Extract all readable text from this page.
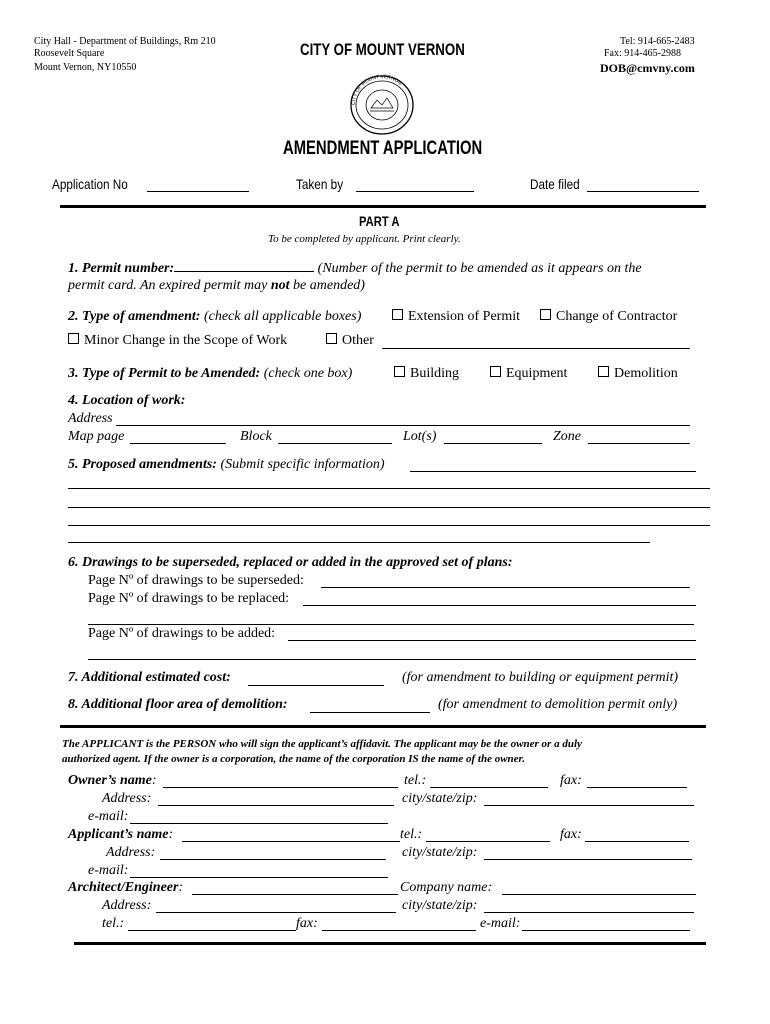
City Hall - Department of Buildings, Rm 210
Roosevelt Square
Mount Vernon, NY10550
CITY OF MOUNT VERNON	Tel: 914-665-2483
Fax: 914-465-2988
DOB@cmvny.com
CITY OF MOUNT VERNON
AMENDMENT APPLICATION
Application No	Taken by	Date filed
PART A
To be completed by applicant. Print clearly.
1. Permit number:	(Number of the permit to be amended as it appears on the
permit card. An expired permit may not be amended)
2. Type of amendment: (check all applicable boxes)	Extension of Permit	Change of Contractor
Minor Change in the Scope of Work	Other
3. Type of Permit to be Amended: (check one box)	Building	Equipment	Demolition
4. Location of work:
Address
Map page	Block	Lot(s)	Zone
5. Proposed amendments: (Submit specific information)
6. Drawings to be superseded, replaced or added in the approved set of plans:
Page Nº of drawings to be superseded:
Page Nº of drawings to be replaced:
Page Nº of drawings to be added:
7. Additional estimated cost:	(for amendment to building or equipment permit)
8. Additional floor area of demolition:	(for amendment to demolition permit only)
The APPLICANT is the PERSON who will sign the applicant’s affidavit. The applicant may be the owner or a duly
authorized agent. If the owner is a corporation, the name of the corporation IS the name of the owner.
Owner’s name:	tel.:	fax:
Address:	city/state/zip:
e-mail:
Applicant’s name:	tel.:	fax:
Address:	city/state/zip:
e-mail:
Architect/Engineer:	Company name:
Address:	city/state/zip:
tel.:	fax:	e-mail:
